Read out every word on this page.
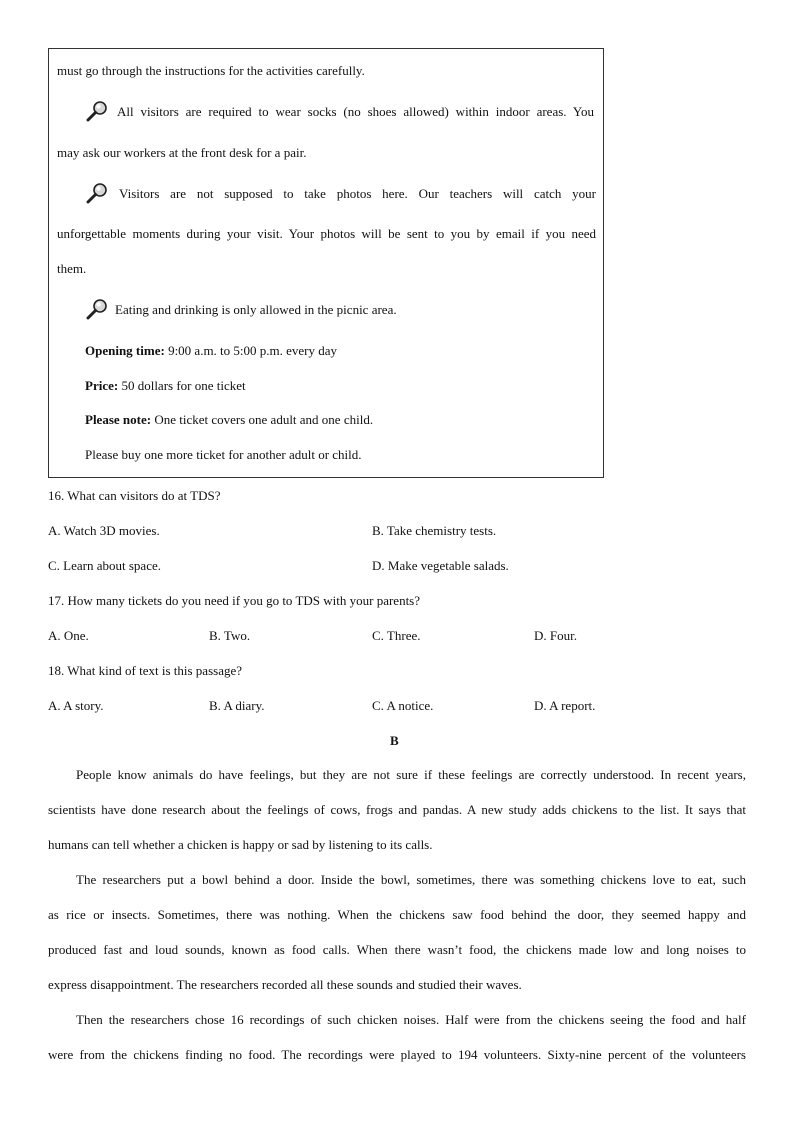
must go through the instructions for the activities carefully.
All visitors are required to wear socks (no shoes allowed) within indoor areas. You
may ask our workers at the front desk for a pair.
Visitors are not supposed to take photos here. Our teachers will catch your
unforgettable moments during your visit. Your photos will be sent to you by email if you need
them.
Eating and drinking is only allowed in the picnic area.
Opening time: 9:00 a.m. to 5:00 p.m. every day
Price: 50 dollars for one ticket
Please note: One ticket covers one adult and one child.
Please buy one more ticket for another adult or child.
16. What can visitors do at TDS?
A. Watch 3D movies.	B. Take chemistry tests.
C. Learn about space.	D. Make vegetable salads.
17. How many tickets do you need if you go to TDS with your parents?
A. One.	B. Two.	C. Three.	D. Four.
18. What kind of text is this passage?
A. A story.	B. A diary.	C. A notice.	D. A report.
B
People know animals do have feelings, but they are not sure if these feelings are correctly understood. In recent years,
scientists have done research about the feelings of cows, frogs and pandas. A new study adds chickens to the list. It says that
humans can tell whether a chicken is happy or sad by listening to its calls.
The researchers put a bowl behind a door. Inside the bowl, sometimes, there was something chickens love to eat, such
as rice or insects. Sometimes, there was nothing. When the chickens saw food behind the door, they seemed happy and
produced fast and loud sounds, known as food calls. When there wasn’t food, the chickens made low and long noises to
express disappointment. The researchers recorded all these sounds and studied their waves.
Then the researchers chose 16 recordings of such chicken noises. Half were from the chickens seeing the food and half
were from the chickens finding no food. The recordings were played to 194 volunteers. Sixty-nine percent of the volunteers
